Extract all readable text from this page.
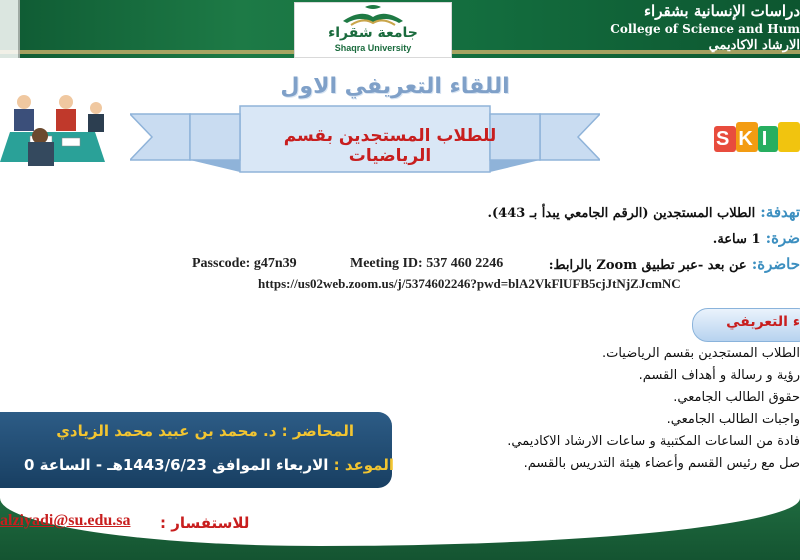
دراسات الإنسانية بشقراء
College of Science and Hum
الارشاد الاكاديمي
جامعة شقراء
Shaqra University
اللقاء التعريفي الاول
للطلاب المستجدين بقسم الرياضيات
SKI
تهدفة: الطلاب المستجدين (الرقم الجامعي يبدأ بـ 443).
ضرة: 1 ساعة.
حاضرة: عن بعد -عبر تطبيق Zoom بالرابط:
Meeting ID: 537 460 2246
Passcode: g47n39
https://us02web.zoom.us/j/5374602246?pwd=blA2VkFlUFB5cjJtNjZJcmNC
ء التعريفي
الطلاب المستجدين بقسم الرياضيات.
رؤية و رسالة و أهداف القسم.
حقوق الطالب الجامعي.
واجبات الطالب الجامعي.
فادة من الساعات المكتبية و ساعات الارشاد الاكاديمي.
صل مع رئيس القسم وأعضاء هيئة التدريس بالقسم.
المحاضر : د. محمد بن عبيد محمد الزيادي
الموعد : الاربعاء الموافق 1443/6/23هـ - الساعة 0
للاستفسار :
alziyadi@su.edu.sa
